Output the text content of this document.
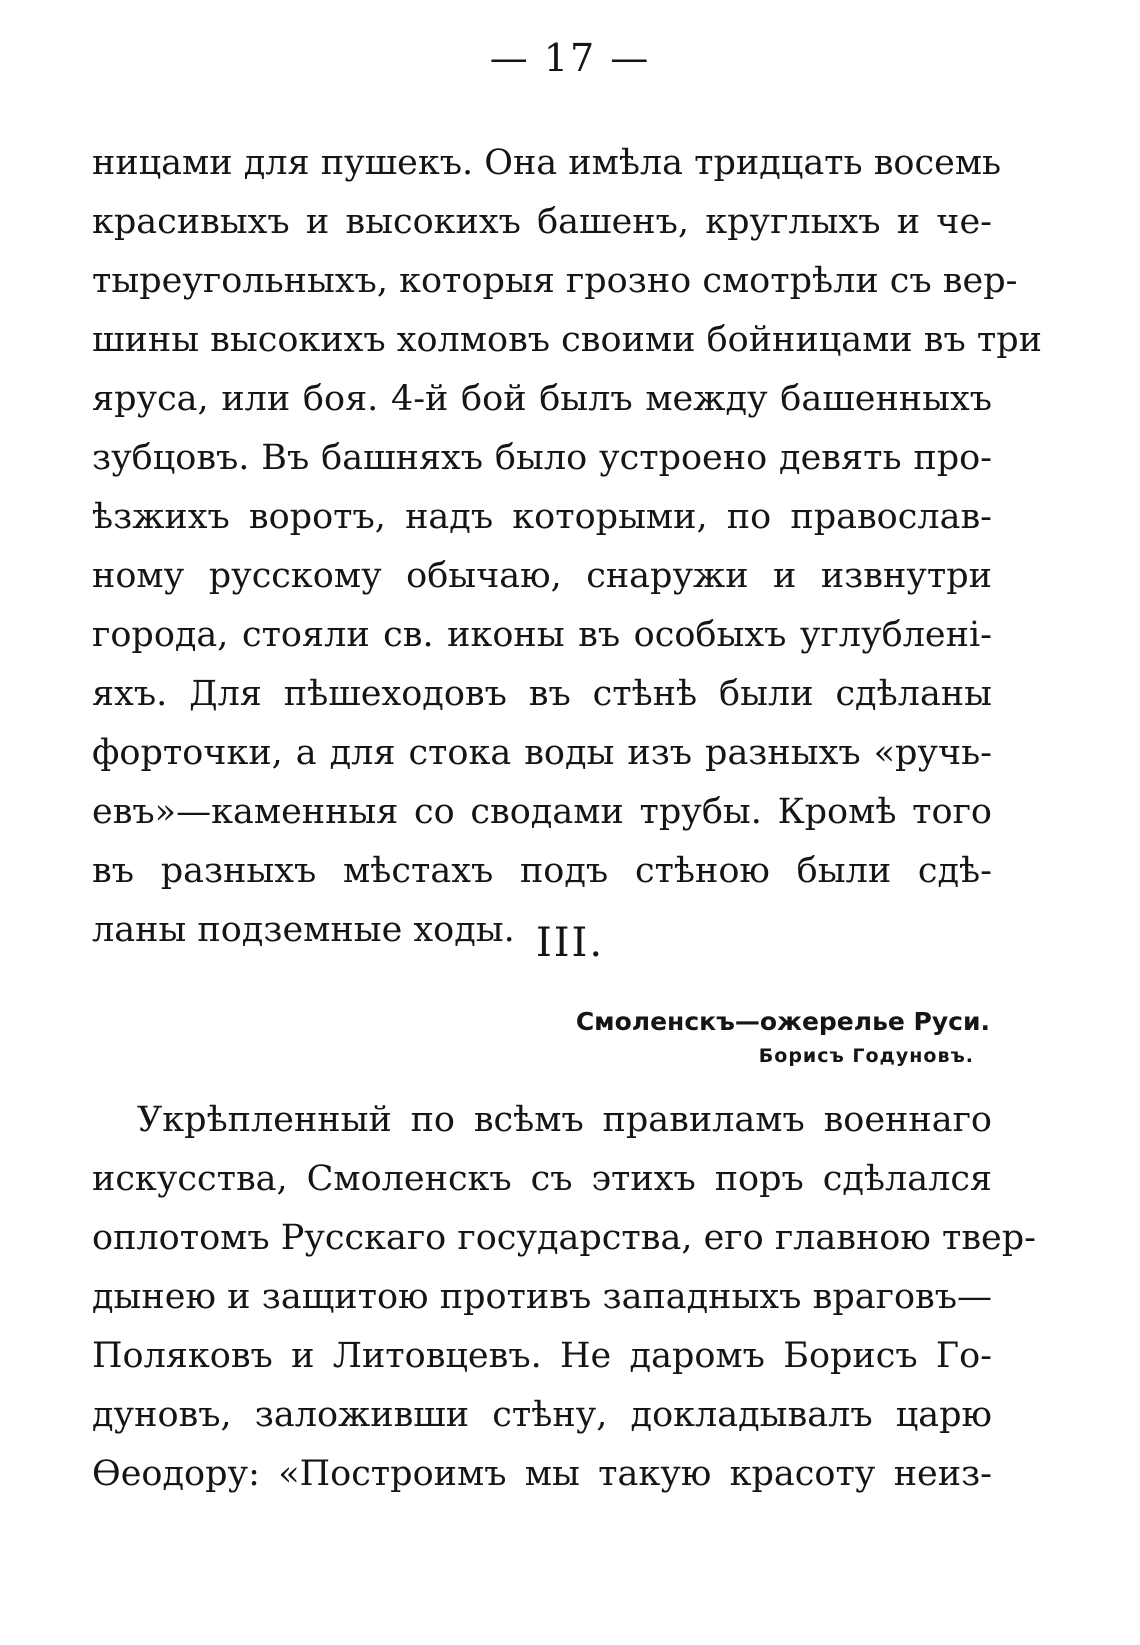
— 17 —
ницами для пушекъ. Она имѣла тридцать восемь
красивыхъ и высокихъ башенъ, круглыхъ и че-
тыреугольныхъ, которыя грозно смотрѣли съ вер-
шины высокихъ холмовъ своими бойницами въ три
яруса, или боя. 4-й бой былъ между башенныхъ
зубцовъ. Въ башняхъ было устроено девять про-
ѣзжихъ воротъ, надъ которыми, по православ-
ному русскому обычаю, снаружи и извнутри
города, стояли св. иконы въ особыхъ углубленi-
яхъ. Для пѣшеходовъ въ стѣнѣ были сдѣланы
форточки, а для стока воды изъ разныхъ «ручь-
евъ»—каменныя со сводами трубы. Кромѣ того
въ разныхъ мѣстахъ подъ стѣною были сдѣ-
ланы подземные ходы. III.
Смоленскъ—ожерелье Руси.
Борисъ Годуновъ.
Укрѣпленный по всѣмъ правиламъ военнаго
искусства, Смоленскъ съ этихъ поръ сдѣлался
оплотомъ Русскаго государства, его главною твер-
дынею и защитою противъ западныхъ враговъ—
Поляковъ и Литовцевъ. Не даромъ Борисъ Го-
дуновъ, заложивши стѣну, докладывалъ царю
Өеодору: «Построимъ мы такую красоту неиз-
